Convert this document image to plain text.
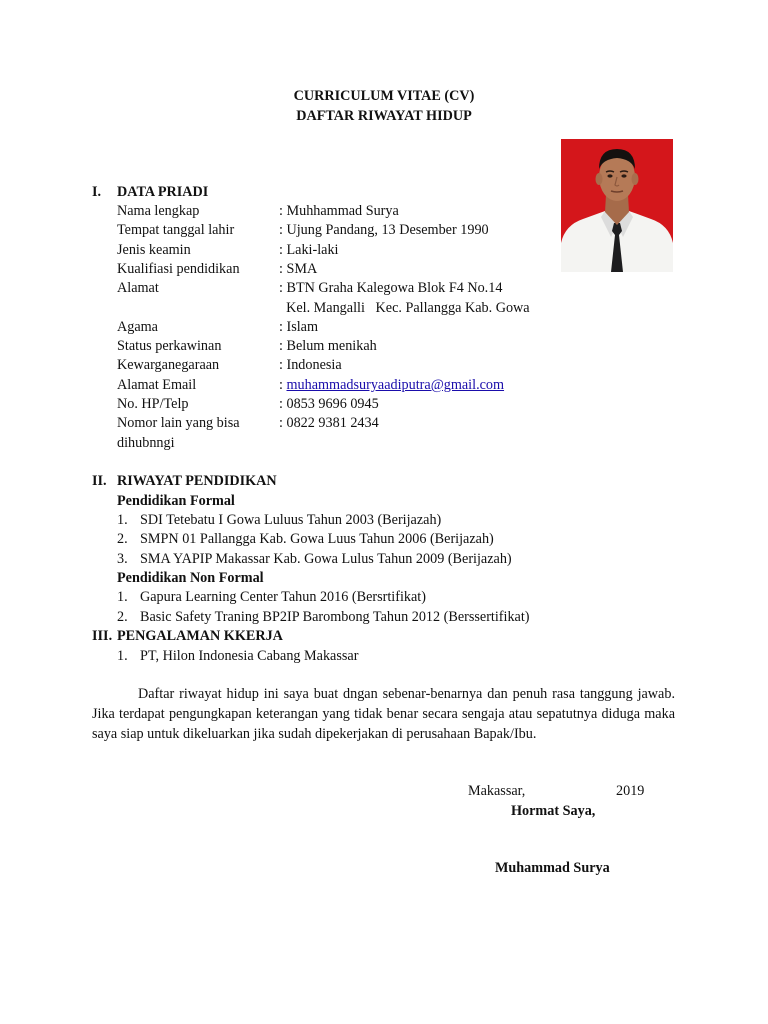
CURRICULUM VITAE (CV)
DAFTAR RIWAYAT HIDUP
I. DATA PRIADI
Nama lengkap	: Muhhammad Surya
Tempat tanggal lahir	: Ujung Pandang, 13 Desember 1990
Jenis keamin	: Laki-laki
Kualifiasi pendidikan	: SMA
Alamat	: BTN Graha Kalegowa Blok F4 No.14
Kel. Mangalli   Kec. Pallangga Kab. Gowa
Agama	: Islam
Status perkawinan	: Belum menikah
Kewarganegaraan	: Indonesia
Alamat Email	: muhammadsuryaadiputra@gmail.com
No. HP/Telp	: 0853 9696 0945
Nomor lain yang bisa	: 0822 9381 2434
dihubnngi
II. RIWAYAT PENDIDIKAN
Pendidikan Formal
1. SDI Tetebatu I Gowa Luluus Tahun 2003 (Berijazah)
2. SMPN 01 Pallangga Kab. Gowa Luus Tahun 2006 (Berijazah)
3. SMA YAPIP Makassar Kab. Gowa Lulus Tahun 2009 (Berijazah)
Pendidikan Non Formal
1. Gapura Learning Center Tahun 2016 (Bersrtifikat)
2. Basic Safety Traning BP2IP Barombong Tahun 2012 (Berssertifikat)
III. PENGALAMAN KKERJA
1. PT, Hilon Indonesia Cabang Makassar

Daftar riwayat hidup ini saya buat dngan sebenar-benarnya dan penuh rasa tanggung jawab. Jika terdapat pengungkapan keterangan yang tidak benar secara sengaja atau sepatutnya diduga maka saya siap untuk dikeluarkan jika sudah dipekerjakan di perusahaan Bapak/Ibu.

Makassar,	2019
Hormat Saya,
Muhammad Surya
